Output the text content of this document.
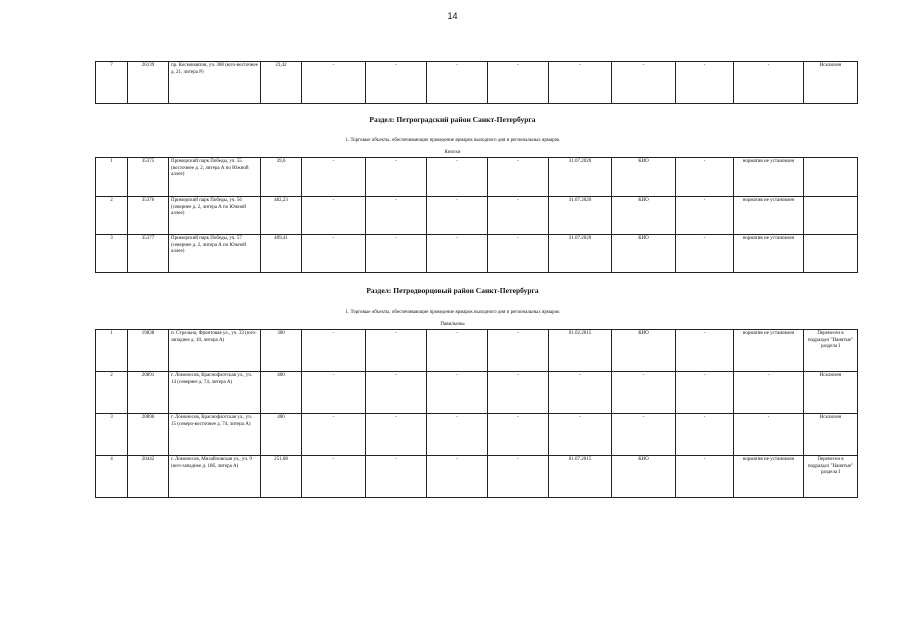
14
7	26139	пр. Космонавтов, уч. 308 (юго-восточнее д. 21, литера Р)	23,42	-	-	-	-	-	-	-	-	Исключен
Раздел: Петроградский район Санкт-Петербурга
1. Торговые объекты, обеспечивающие проведение ярмарок выходного дня и региональных ярмарок
Киоски
1	35375	Приморский парк Победы, уч. 55 (восточнее д. 2, литера А по Южной аллее)	39,6	-	-	-	-	31.07.2020	КИО	-	норматив не установлен	
2	35376	Приморский парк Победы, уч. 56 (севернее д. 2, литера А по Южной аллее)	482,23	-	-	-	-	31.07.2020	КИО	-	норматив не установлен	
3	35377	Приморский парк Победы, уч. 57 (севернее д. 2, литера А по Южной аллее)	409,41	-	-	-	-	31.07.2020	КИО	-	норматив не установлен	
Раздел: Петродворцовый район Санкт-Петербурга
1. Торговые объекты, обеспечивающие проведение ярмарок выходного дня и региональных ярмарок
Павильоны
1	19838	п. Стрельна, Фронтовая ул., уч. 33 (юго-западнее д. 10, литера А)	300	-	-	-	-	01.02.2015	КИО	-	норматив не установлен	Перенесен в подраздел "Нанятые" раздела I
2	20891	г. Ломоносов, Краснофлотская ул., уч. 14 (севернее д. 74, литера А)	400	-	-	-	-	-	-	-	-	Исключен
3	20896	г. Ломоносов, Краснофлотская ул., уч. 15 (северо-восточнее д. 74, литера А)	400	-	-	-	-	-	-	-	-	Исключен
4	20442	г. Ломоносов, Михайловская ул., уч. 9 (юго-западнее д. 18б, литера А)	251,08	-	-	-	-	01.07.2015	КИО	-	норматив не установлен	Перенесен в подраздел "Нанятые" раздела I
